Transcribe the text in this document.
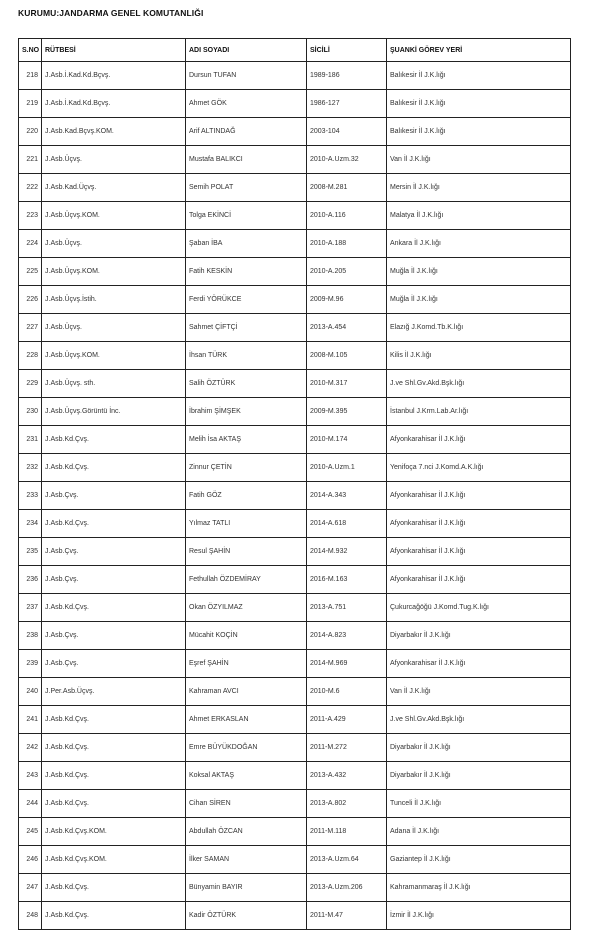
KURUMU:JANDARMA GENEL KOMUTANLIĞI
S.NO	RÜTBESİ	ADI SOYADI	SİCİLİ	ŞUANKİ GÖREV YERİ
218	J.Asb.İ.Kad.Kd.Bçvş.	Dursun TUFAN	1989-186	Balıkesir İl J.K.lığı
219	J.Asb.İ.Kad.Kd.Bçvş.	Ahmet GÖK	1986-127	Balıkesir İl J.K.lığı
220	J.Asb.Kad.Bçvş.KOM.	Arif ALTINDAĞ	2003-104	Balıkesir İl J.K.lığı
221	J.Asb.Üçvş.	Mustafa BALIKCI	2010-A.Uzm.32	Van İl J.K.lığı
222	J.Asb.Kad.Üçvş.	Semih POLAT	2008-M.281	Mersin İl J.K.lığı
223	J.Asb.Üçvş.KOM.	Tolga EKİNCİ	2010-A.116	Malatya İl J.K.lığı
224	J.Asb.Üçvş.	Şaban İBA	2010-A.188	Ankara İl J.K.lığı
225	J.Asb.Üçvş.KOM.	Fatih KESKİN	2010-A.205	Muğla İl J.K.lığı
226	J.Asb.Üçvş.İstih.	Ferdi YÖRÜKCE	2009-M.96	Muğla İl J.K.lığı
227	J.Asb.Üçvş.	Sahmet ÇİFTÇİ	2013-A.454	Elazığ J.Komd.Tb.K.lığı
228	J.Asb.Üçvş.KOM.	İhsan TÜRK	2008-M.105	Kilis İl J.K.lığı
229	J.Asb.Üçvş. sth.	Salih ÖZTÜRK	2010-M.317	J.ve Shl.Gv.Akd.Bşk.lığı
230	J.Asb.Üçvş.Görüntü İnc.	İbrahim ŞİMŞEK	2009-M.395	İstanbul J.Krm.Lab.Ar.lığı
231	J.Asb.Kd.Çvş.	Melih İsa AKTAŞ	2010-M.174	Afyonkarahisar İl J.K.lığı
232	J.Asb.Kd.Çvş.	Zinnur ÇETİN	2010-A.Uzm.1	Yenifoça 7.nci J.Komd.A.K.lığı
233	J.Asb.Çvş.	Fatih GÖZ	2014-A.343	Afyonkarahisar İl J.K.lığı
234	J.Asb.Kd.Çvş.	Yılmaz TATLI	2014-A.618	Afyonkarahisar İl J.K.lığı
235	J.Asb.Çvş.	Resul ŞAHİN	2014-M.932	Afyonkarahisar İl J.K.lığı
236	J.Asb.Çvş.	Fethullah ÖZDEMİRAY	2016-M.163	Afyonkarahisar İl J.K.lığı
237	J.Asb.Kd.Çvş.	Okan ÖZYILMAZ	2013-A.751	Çukurcağöğü J.Komd.Tug.K.lığı
238	J.Asb.Çvş.	Mücahit KOÇİN	2014-A.823	Diyarbakır İl J.K.lığı
239	J.Asb.Çvş.	Eşref ŞAHİN	2014-M.969	Afyonkarahisar İl J.K.lığı
240	J.Per.Asb.Üçvş.	Kahraman AVCI	2010-M.6	Van İl J.K.lığı
241	J.Asb.Kd.Çvş.	Ahmet ERKASLAN	2011-A.429	J.ve Shl.Gv.Akd.Bşk.lığı
242	J.Asb.Kd.Çvş.	Emre BÜYÜKDOĞAN	2011-M.272	Diyarbakır İl J.K.lığı
243	J.Asb.Kd.Çvş.	Koksal AKTAŞ	2013-A.432	Diyarbakır İl J.K.lığı
244	J.Asb.Kd.Çvş.	Cihan SİREN	2013-A.802	Tunceli İl J.K.lığı
245	J.Asb.Kd.Çvş.KOM.	Abdullah ÖZCAN	2011-M.118	Adana İl J.K.lığı
246	J.Asb.Kd.Çvş.KOM.	İlker SAMAN	2013-A.Uzm.64	Gaziantep İl J.K.lığı
247	J.Asb.Kd.Çvş.	Bünyamin BAYIR	2013-A.Uzm.206	Kahramanmaraş İl J.K.lığı
248	J.Asb.Kd.Çvş.	Kadir ÖZTÜRK	2011-M.47	İzmir İl J.K.lığı
